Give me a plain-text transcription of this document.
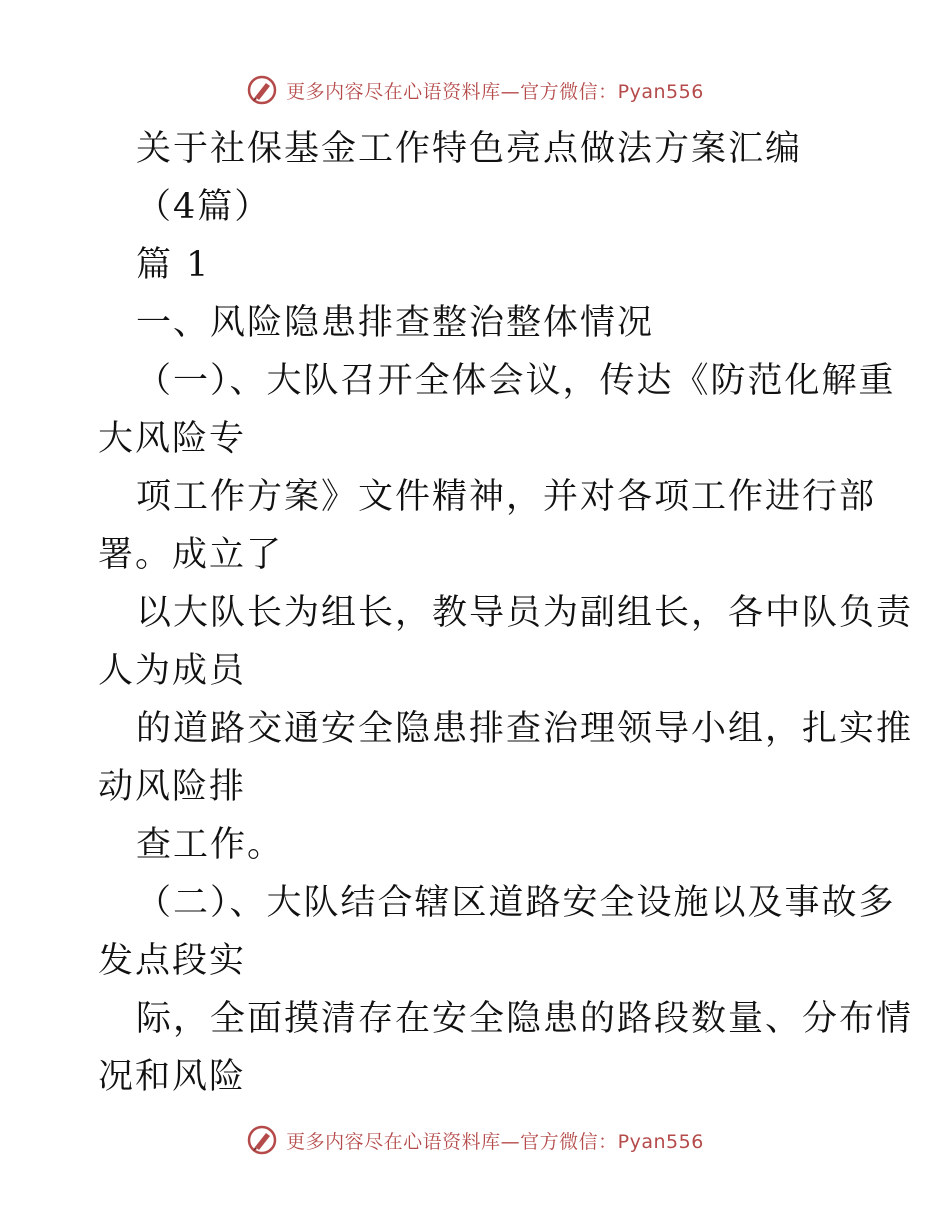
更多内容尽在心语资料库—官方微信：Pyan556
关于社保基金工作特色亮点做法方案汇编
（4篇）
篇 1
一、风险隐患排查整治整体情况
（一）、大队召开全体会议，传达《防范化解重
大风险专
项工作方案》文件精神，并对各项工作进行部
署。成立了
以大队长为组长，教导员为副组长，各中队负责
人为成员
的道路交通安全隐患排查治理领导小组，扎实推
动风险排
查工作。
（二）、大队结合辖区道路安全设施以及事故多
发点段实
际，全面摸清存在安全隐患的路段数量、分布情
况和风险
更多内容尽在心语资料库—官方微信：Pyan556
